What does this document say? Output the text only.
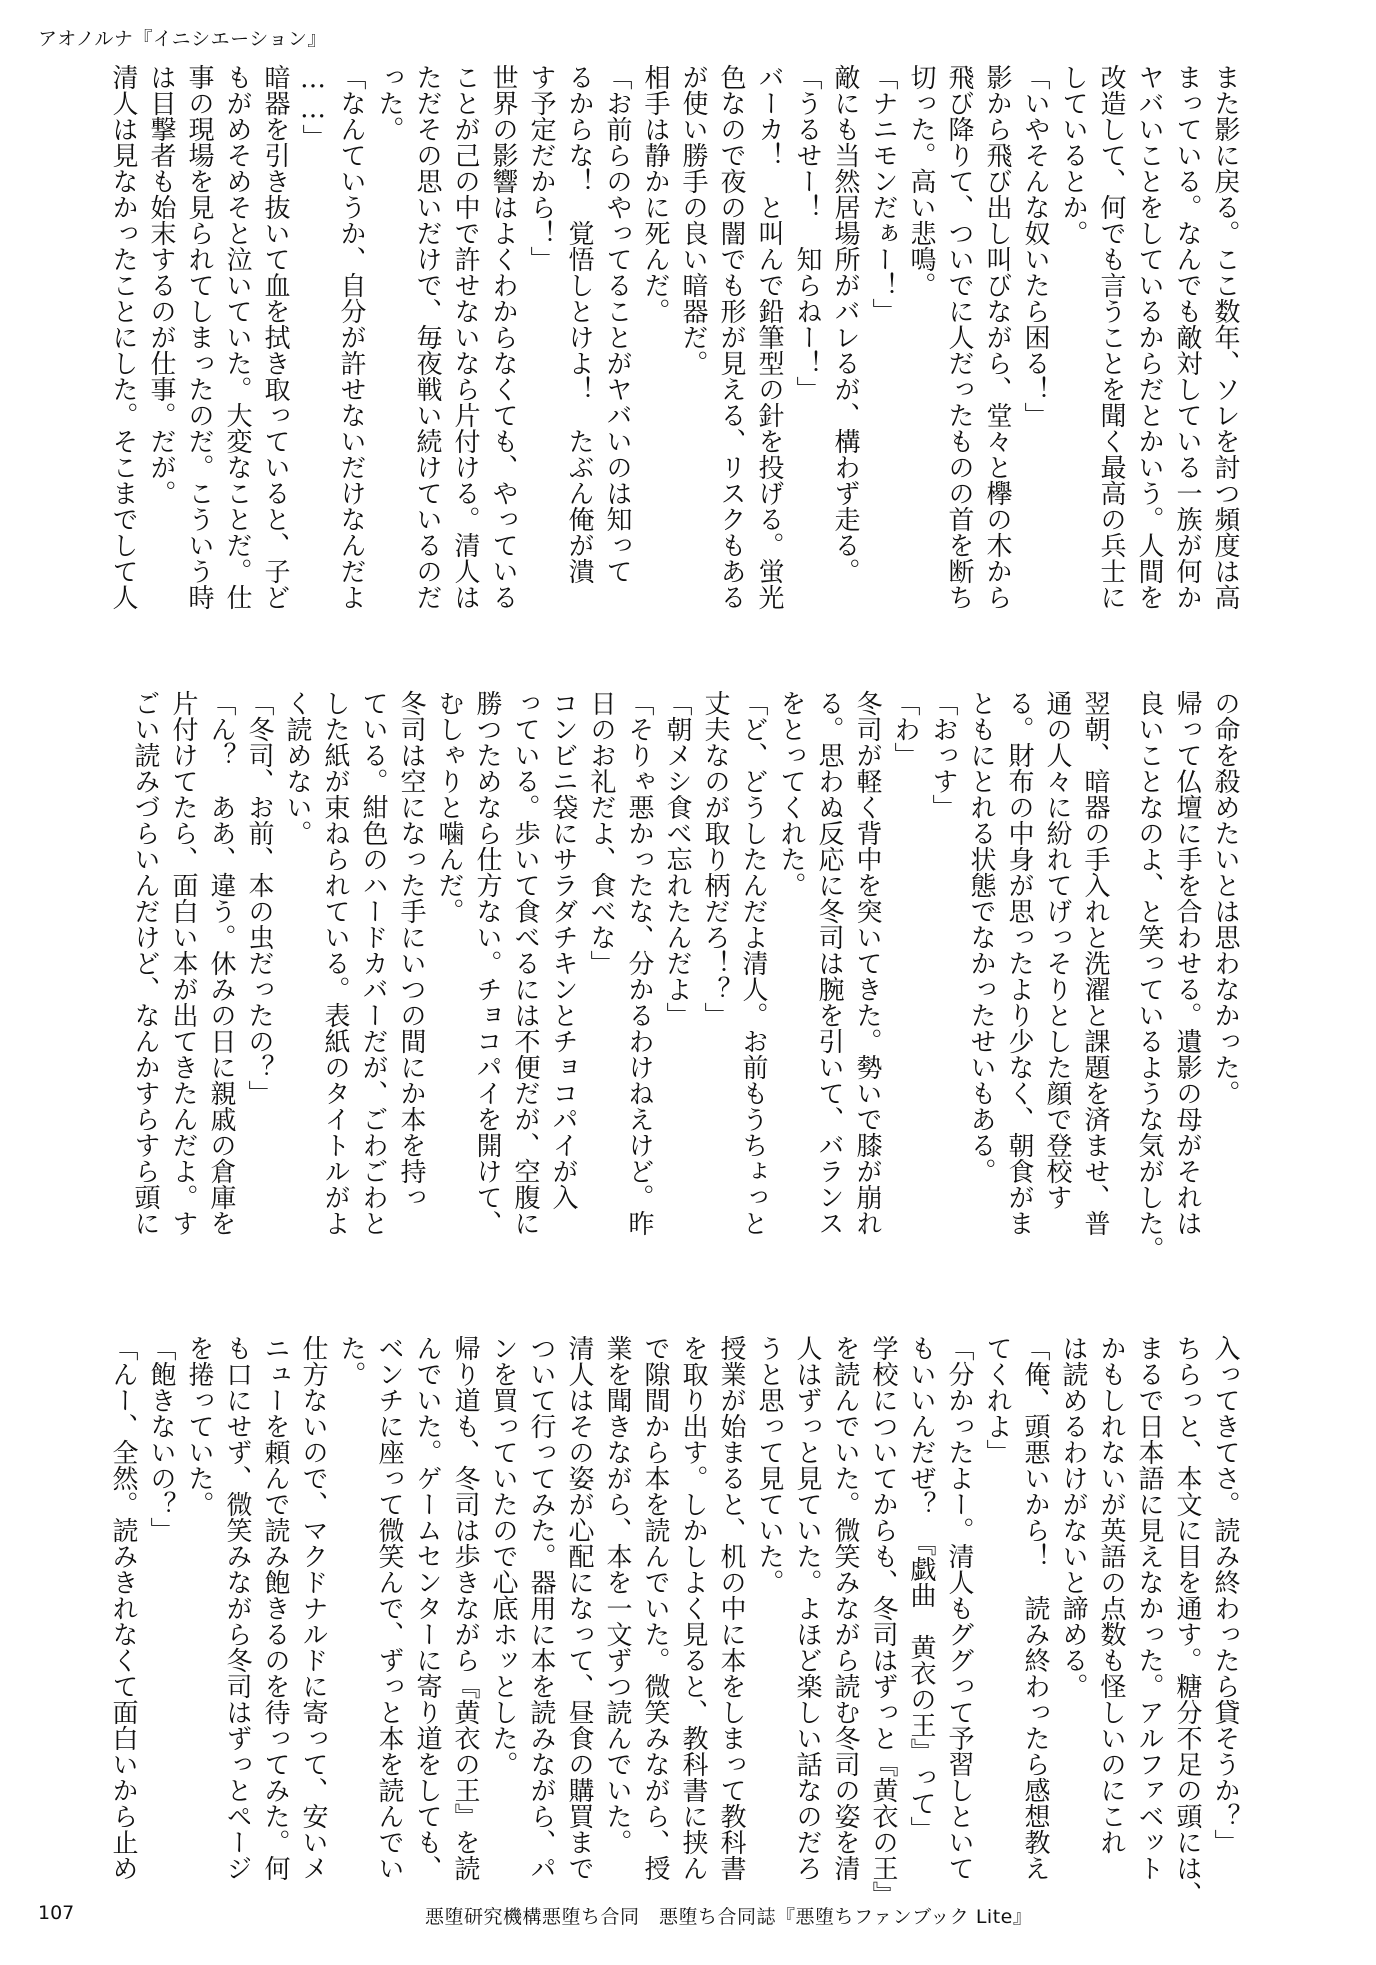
アオノルナ『イニシエーション』
また影に戻る。ここ数年、ソレを討つ頻度は高
まっている。なんでも敵対している一族が何か
ヤバいことをしているからだとかいう。人間を
改造して、何でも言うことを聞く最高の兵士に
しているとか。
「いやそんな奴いたら困る！」
影から飛び出し叫びながら、堂々と欅の木から
飛び降りて、ついでに人だったものの首を断ち
切った。高い悲鳴。
「ナニモンだぁー！」
敵にも当然居場所がバレるが、構わず走る。
「うるせー！　知らねー！」
バーカ！　と叫んで鉛筆型の針を投げる。蛍光
色なので夜の闇でも形が見える、リスクもある
が使い勝手の良い暗器だ。
相手は静かに死んだ。
「お前らのやってることがヤバいのは知って
るからな！　覚悟しとけよ！　たぶん俺が潰
す予定だから！」
世界の影響はよくわからなくても、やっている
ことが己の中で許せないなら片付ける。清人は
ただその思いだけで、毎夜戦い続けているのだ
った。
「なんていうか、自分が許せないだけなんだよ
……」
暗器を引き抜いて血を拭き取っていると、子ど
もがめそめそと泣いていた。大変なことだ。仕
事の現場を見られてしまったのだ。こういう時
は目撃者も始末するのが仕事。だが。
清人は見なかったことにした。そこまでして人
の命を殺めたいとは思わなかった。
帰って仏壇に手を合わせる。遺影の母がそれは
良いことなのよ、と笑っているような気がした。
翌朝、暗器の手入れと洗濯と課題を済ませ、普
通の人々に紛れてげっそりとした顔で登校す
る。財布の中身が思ったより少なく、朝食がま
ともにとれる状態でなかったせいもある。
「おっす」
「わ」
冬司が軽く背中を突いてきた。勢いで膝が崩れ
る。思わぬ反応に冬司は腕を引いて、バランス
をとってくれた。
「ど、どうしたんだよ清人。お前もうちょっと
丈夫なのが取り柄だろ！？」
「朝メシ食べ忘れたんだよ」
「そりゃ悪かったな、分かるわけねえけど。昨
日のお礼だよ、食べな」
コンビニ袋にサラダチキンとチョコパイが入
っている。歩いて食べるには不便だが、空腹に
勝つためなら仕方ない。チョコパイを開けて、
むしゃりと噛んだ。
冬司は空になった手にいつの間にか本を持っ
ている。紺色のハードカバーだが、ごわごわと
した紙が束ねられている。表紙のタイトルがよ
く読めない。
「冬司、お前、本の虫だったの？」
「ん？　ああ、違う。休みの日に親戚の倉庫を
片付けてたら、面白い本が出てきたんだよ。す
ごい読みづらいんだけど、なんかすらすら頭に
入ってきてさ。読み終わったら貸そうか？」
ちらっと、本文に目を通す。糖分不足の頭には、
まるで日本語に見えなかった。アルファベット
かもしれないが英語の点数も怪しいのにこれ
は読めるわけがないと諦める。
「俺、頭悪いから！　読み終わったら感想教え
てくれよ」
「分かったよー。清人もググって予習しといて
もいいんだぜ？　『戯曲　黄衣の王』って」
学校についてからも、冬司はずっと『黄衣の王』
を読んでいた。微笑みながら読む冬司の姿を清
人はずっと見ていた。よほど楽しい話なのだろ
うと思って見ていた。
授業が始まると、机の中に本をしまって教科書
を取り出す。しかしよく見ると、教科書に挟ん
で隙間から本を読んでいた。微笑みながら、授
業を聞きながら、本を一文ずつ読んでいた。
清人はその姿が心配になって、昼食の購買まで
ついて行ってみた。器用に本を読みながら、パ
ンを買っていたので心底ホッとした。
帰り道も、冬司は歩きながら『黄衣の王』を読
んでいた。ゲームセンターに寄り道をしても、
ベンチに座って微笑んで、ずっと本を読んでい
た。
仕方ないので、マクドナルドに寄って、安いメ
ニューを頼んで読み飽きるのを待ってみた。何
も口にせず、微笑みながら冬司はずっとページ
を捲っていた。
「飽きないの？」
「んー、全然。読みきれなくて面白いから止め
107	悪堕研究機構悪堕ち合同　悪堕ち合同誌『悪堕ちファンブック Lite』
